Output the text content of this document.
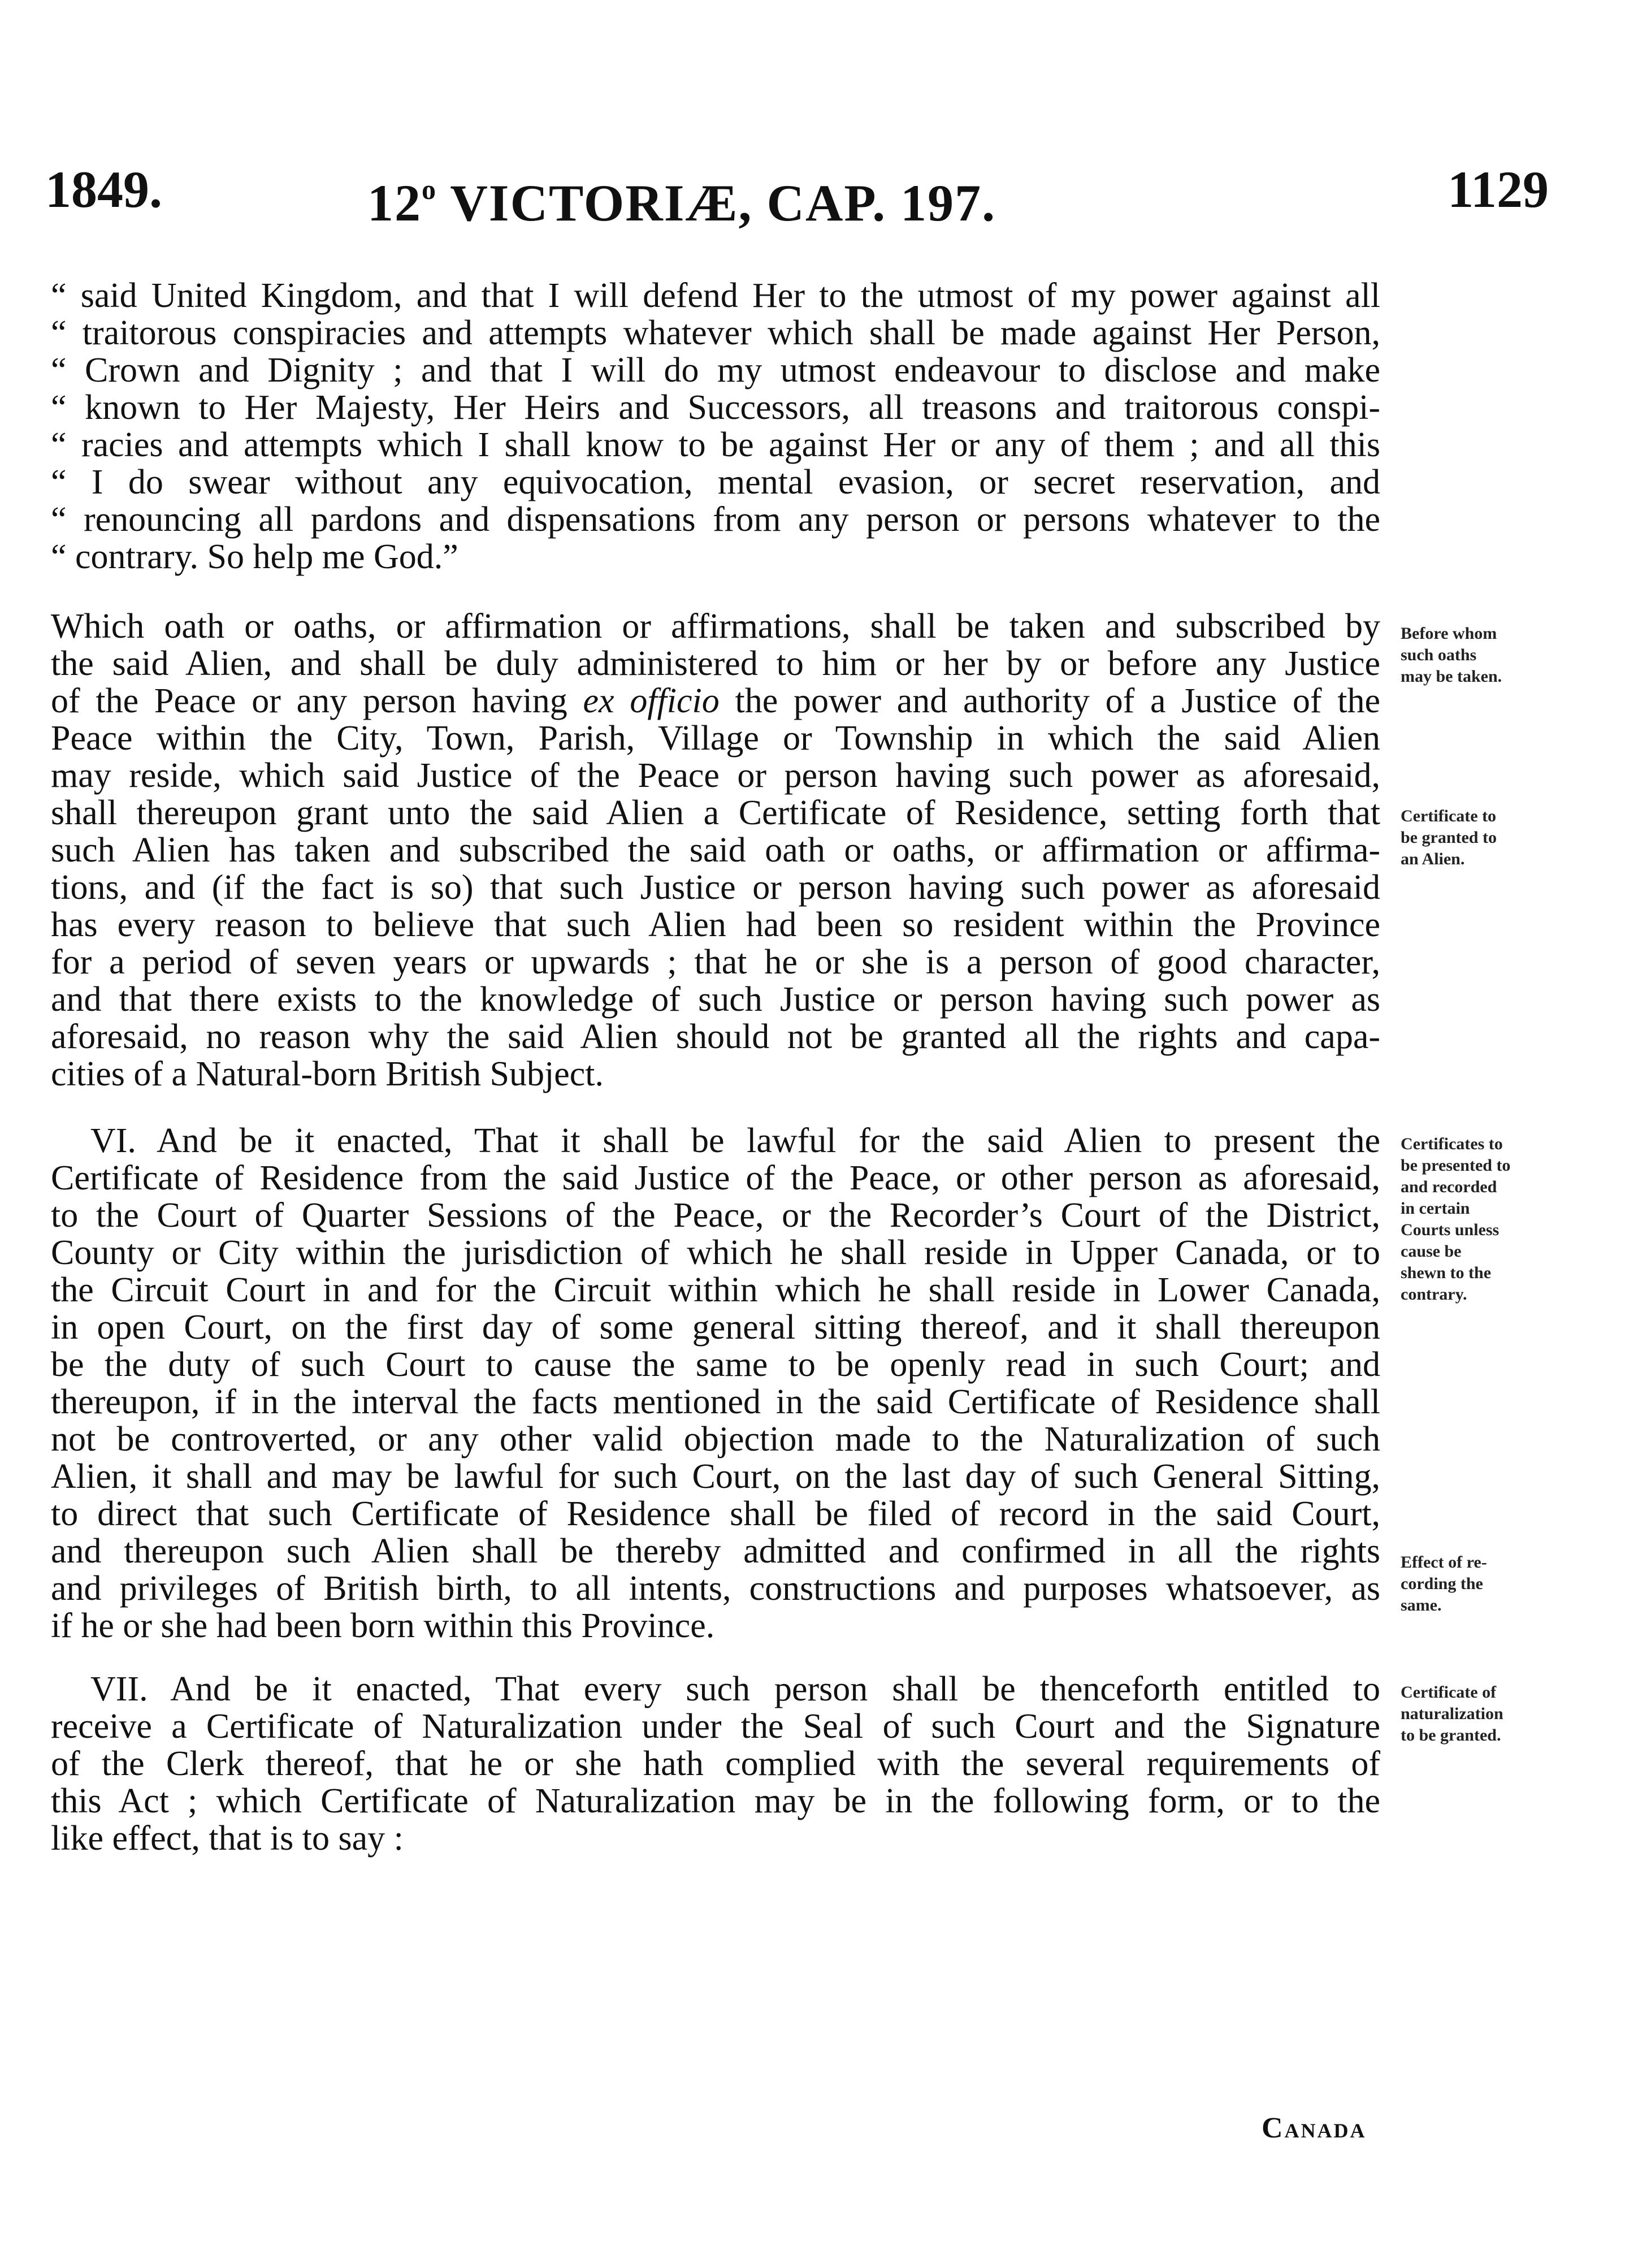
1849.	12$^o$ VICTORIÆ, CAP. 197.	1129
“ said United Kingdom, and that I will defend Her to the utmost of my power against all
“ traitorous conspiracies and attempts whatever which shall be made against Her Person,
“ Crown and Dignity ; and that I will do my utmost endeavour to disclose and make
“ known to Her Majesty, Her Heirs and Successors, all treasons and traitorous conspi-
“ racies and attempts which I shall know to be against Her or any of them ; and all this
“ I do swear without any equivocation, mental evasion, or secret reservation, and
“ renouncing all pardons and dispensations from any person or persons whatever to the
“ contrary. So help me God.”
Which oath or oaths, or affirmation or affirmations, shall be taken and subscribed by
the said Alien, and shall be duly administered to him or her by or before any Justice
of the Peace or any person having ex officio the power and authority of a Justice of the
Peace within the City, Town, Parish, Village or Township in which the said Alien
may reside, which said Justice of the Peace or person having such power as aforesaid,
shall thereupon grant unto the said Alien a Certificate of Residence, setting forth that
such Alien has taken and subscribed the said oath or oaths, or affirmation or affirma-
tions, and (if the fact is so) that such Justice or person having such power as aforesaid
has every reason to believe that such Alien had been so resident within the Province
for a period of seven years or upwards ; that he or she is a person of good character,
and that there exists to the knowledge of such Justice or person having such power as
aforesaid, no reason why the said Alien should not be granted all the rights and capa-
cities of a Natural-born British Subject.
VI. And be it enacted, That it shall be lawful for the said Alien to present the
Certificate of Residence from the said Justice of the Peace, or other person as aforesaid,
to the Court of Quarter Sessions of the Peace, or the Recorder’s Court of the District,
County or City within the jurisdiction of which he shall reside in Upper Canada, or to
the Circuit Court in and for the Circuit within which he shall reside in Lower Canada,
in open Court, on the first day of some general sitting thereof, and it shall thereupon
be the duty of such Court to cause the same to be openly read in such Court; and
thereupon, if in the interval the facts mentioned in the said Certificate of Residence shall
not be controverted, or any other valid objection made to the Naturalization of such
Alien, it shall and may be lawful for such Court, on the last day of such General Sitting,
to direct that such Certificate of Residence shall be filed of record in the said Court,
and thereupon such Alien shall be thereby admitted and confirmed in all the rights
and privileges of British birth, to all intents, constructions and purposes whatsoever, as
if he or she had been born within this Province.
VII. And be it enacted, That every such person shall be thenceforth entitled to
receive a Certificate of Naturalization under the Seal of such Court and the Signature
of the Clerk thereof, that he or she hath complied with the several requirements of
this Act ; which Certificate of Naturalization may be in the following form, or to the
like effect, that is to say :
Before whom
such oaths
may be taken.
Certificate to
be granted to
an Alien.
Certificates to
be presented to
and recorded
in certain
Courts unless
cause be
shewn to the
contrary.
Effect of re-
cording the
same.
Certificate of
naturalization
to be granted.
Canada
